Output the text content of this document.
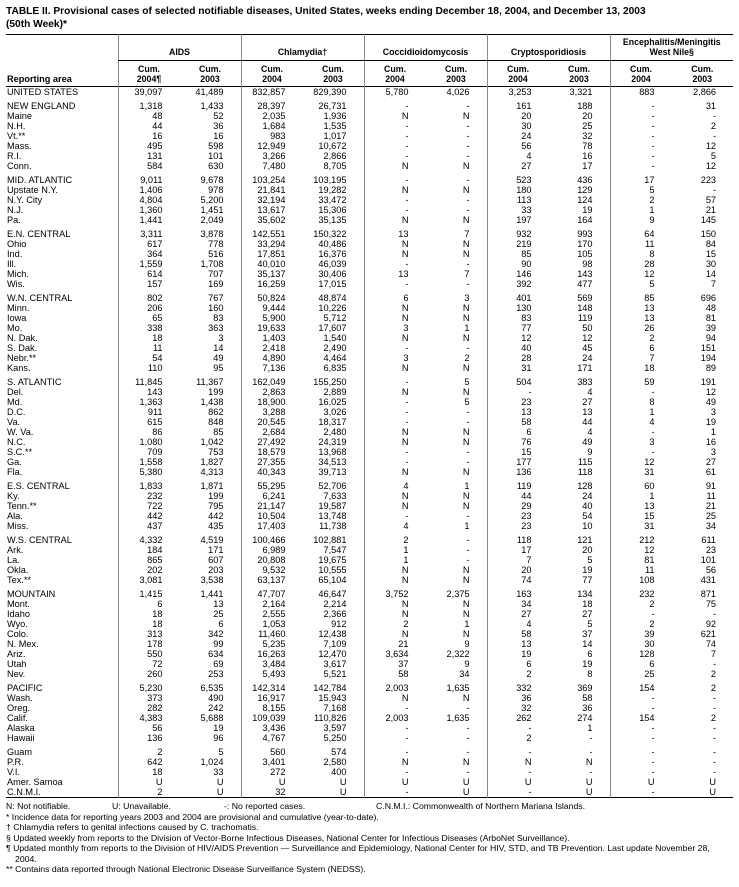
TABLE II. Provisional cases of selected notifiable diseases, United States, weeks ending December 18, 2004, and December 13, 2003
(50th Week)*
Reporting area	AIDS		Chlamydia†		Coccidioidomycosis		Cryptosporidiosis		Encephalitis/Meningitis
West Nile§	

	Cum.	Cum.	Cum.	Cum.	Cum.	Cum.	Cum.	Cum.	Cum.	Cum.
	2004¶	2003	2004	2003	2004	2003	2004	2003	2004	2003
UNITED STATES	39,097	41,489	832,857	829,390	5,780	4,026	3,253	3,321	883	2,866

NEW ENGLAND	1,318	1,433	28,397	26,731	-	-	161	188	-	31
Maine	48	52	2,035	1,936	N	N	20	20	-	-
N.H.	44	36	1,684	1,535	-	-	30	25	-	2
Vt.**	16	16	983	1,017	-	-	24	32	-	-
Mass.	495	598	12,949	10,672	-	-	56	78	-	12
R.I.	131	101	3,266	2,866	-	-	4	16	-	5
Conn.	584	630	7,480	8,705	N	N	27	17	-	12

MID. ATLANTIC	9,011	9,678	103,254	103,195	-	-	523	436	17	223
Upstate N.Y.	1,406	978	21,841	19,282	N	N	180	129	5	-
N.Y. City	4,804	5,200	32,194	33,472	-	-	113	124	2	57
N.J.	1,360	1,451	13,617	15,306	-	-	33	19	1	21
Pa.	1,441	2,049	35,602	35,135	N	N	197	164	9	145

E.N. CENTRAL	3,311	3,878	142,551	150,322	13	7	932	993	64	150
Ohio	617	778	33,294	40,486	N	N	219	170	11	84
Ind.	364	516	17,851	16,376	N	N	85	105	8	15
Ill.	1,559	1,708	40,010	46,039	-	-	90	98	28	30
Mich.	614	707	35,137	30,406	13	7	146	143	12	14
Wis.	157	169	16,259	17,015	-	-	392	477	5	7

W.N. CENTRAL	802	767	50,824	48,874	6	3	401	569	85	696
Minn.	206	160	9,444	10,226	N	N	130	148	13	48
Iowa	65	83	5,900	5,712	N	N	83	119	13	81
Mo.	338	363	19,633	17,607	3	1	77	50	26	39
N. Dak.	18	3	1,403	1,540	N	N	12	12	2	94
S. Dak.	11	14	2,418	2,490	-	-	40	45	6	151
Nebr.**	54	49	4,890	4,464	3	2	28	24	7	194
Kans.	110	95	7,136	6,835	N	N	31	171	18	89

S. ATLANTIC	11,845	11,367	162,049	155,250	-	5	504	383	59	191
Del.	143	199	2,863	2,889	N	N	-	4	-	12
Md.	1,363	1,438	18,900	16,025	-	5	23	27	8	49
D.C.	911	862	3,288	3,026	-	-	13	13	1	3
Va.	615	848	20,545	18,317	-	-	58	44	4	19
W. Va.	86	85	2,684	2,480	N	N	6	4	-	1
N.C.	1,080	1,042	27,492	24,319	N	N	76	49	3	16
S.C.**	709	753	18,579	13,968	-	-	15	9	-	3
Ga.	1,558	1,827	27,355	34,513	-	-	177	115	12	27
Fla.	5,380	4,313	40,343	39,713	N	N	136	118	31	61

E.S. CENTRAL	1,833	1,871	55,295	52,706	4	1	119	128	60	91
Ky.	232	199	6,241	7,633	N	N	44	24	1	11
Tenn.**	722	795	21,147	19,587	N	N	29	40	13	21
Ala.	442	442	10,504	13,748	-	-	23	54	15	25
Miss.	437	435	17,403	11,738	4	1	23	10	31	34

W.S. CENTRAL	4,332	4,519	100,466	102,881	2	-	118	121	212	611
Ark.	184	171	6,989	7,547	1	-	17	20	12	23
La.	865	607	20,808	19,675	1	-	7	5	81	101
Okla.	202	203	9,532	10,555	N	N	20	19	11	56
Tex.**	3,081	3,538	63,137	65,104	N	N	74	77	108	431

MOUNTAIN	1,415	1,441	47,707	46,647	3,752	2,375	163	134	232	871
Mont.	6	13	2,164	2,214	N	N	34	18	2	75
Idaho	18	25	2,555	2,366	N	N	27	27	-	-
Wyo.	18	6	1,053	912	2	1	4	5	2	92
Colo.	313	342	11,460	12,438	N	N	58	37	39	621
N. Mex.	178	99	5,235	7,109	21	9	13	14	30	74
Ariz.	550	634	16,263	12,470	3,634	2,322	19	6	128	7
Utah	72	69	3,484	3,617	37	9	6	19	6	-
Nev.	260	253	5,493	5,521	58	34	2	8	25	2

PACIFIC	5,230	6,535	142,314	142,784	2,003	1,635	332	369	154	2
Wash.	373	490	16,917	15,943	N	N	36	58	-	-
Oreg.	282	242	8,155	7,168	-	-	32	36	-	-
Calif.	4,383	5,688	109,039	110,826	2,003	1,635	262	274	154	2
Alaska	56	19	3,436	3,597	-	-	-	1	-	-
Hawaii	136	96	4,767	5,250	-	-	2	-	-	-

Guam	2	5	560	574	-	-	-	-	-	-
P.R.	642	1,024	3,401	2,580	N	N	N	N	-	-
V.I.	18	33	272	400	-	-	-	-	-	-
Amer. Samoa	U	U	U	U	U	U	U	U	U	U
C.N.M.I.	2	U	32	U	-	U	-	U	-	U
N: Not notifiable.	U: Unavailable.	-: No reported cases.	C.N.M.I.: Commonwealth of Northern Mariana Islands.
* Incidence data for reporting years 2003 and 2004 are provisional and cumulative (year-to-date).
† Chlamydia refers to genital infections caused by C. trachomatis.
§ Updated weekly from reports to the Division of Vector-Borne Infectious Diseases, National Center for Infectious Diseases (ArboNet Surveillance).
¶ Updated monthly from reports to the Division of HIV/AIDS Prevention — Surveillance and Epidemiology, National Center for HIV, STD, and TB Prevention. Last update November 28, 2004.
** Contains data reported through National Electronic Disease Surveillance System (NEDSS).
